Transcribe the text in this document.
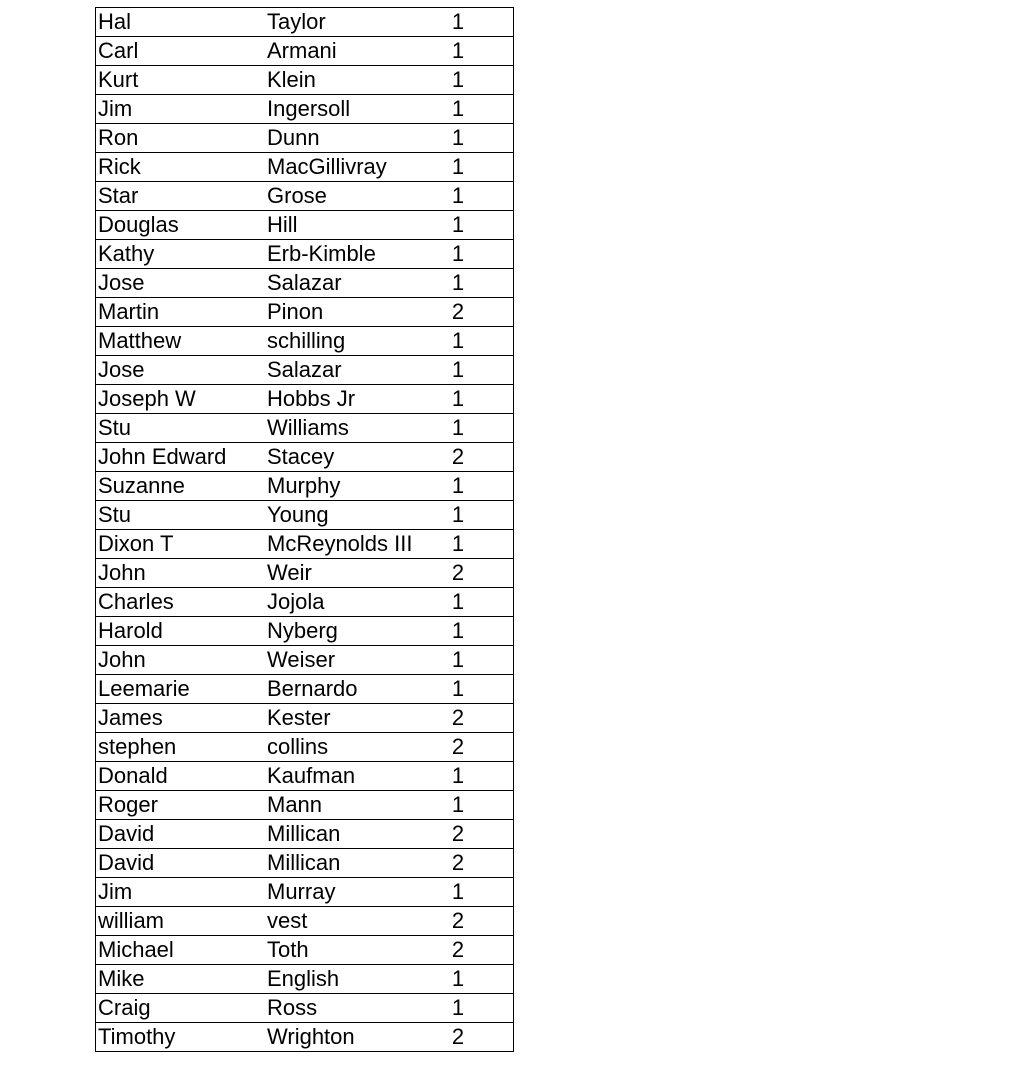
Hal	Taylor	1
Carl	Armani	1
Kurt	Klein	1
Jim	Ingersoll	1
Ron	Dunn	1
Rick	MacGillivray	1
Star	Grose	1
Douglas	Hill	1
Kathy	Erb-Kimble	1
Jose	Salazar	1
Martin	Pinon	2
Matthew	schilling	1
Jose	Salazar	1
Joseph W	Hobbs Jr	1
Stu	Williams	1
John Edward	Stacey	2
Suzanne	Murphy	1
Stu	Young	1
Dixon T	McReynolds III	1
John	Weir	2
Charles	Jojola	1
Harold	Nyberg	1
John	Weiser	1
Leemarie	Bernardo	1
James	Kester	2
stephen	collins	2
Donald	Kaufman	1
Roger	Mann	1
David	Millican	2
David	Millican	2
Jim	Murray	1
william	vest	2
Michael	Toth	2
Mike	English	1
Craig	Ross	1
Timothy	Wrighton	2
